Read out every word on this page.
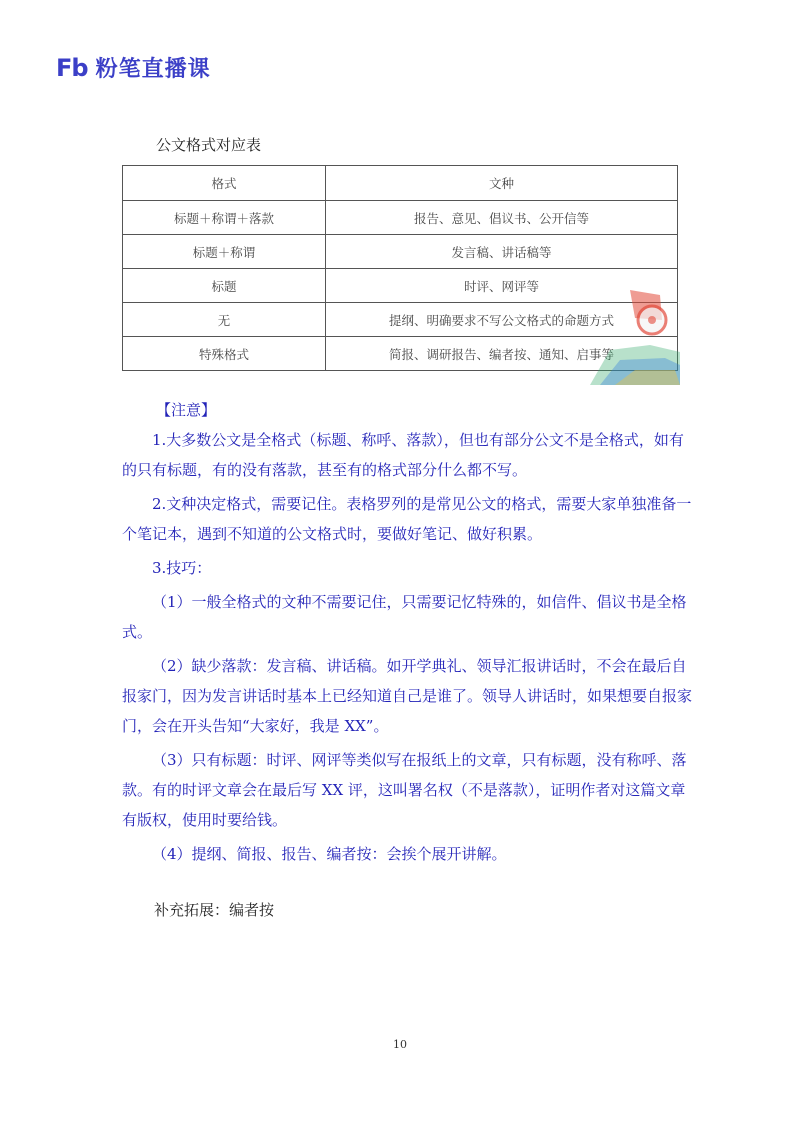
Fb 粉笔直播课
公文格式对应表
格式	文种
标题＋称谓＋落款	报告、意见、倡议书、公开信等
标题＋称谓	发言稿、讲话稿等
标题	时评、网评等
无	提纲、明确要求不写公文格式的命题方式
特殊格式	简报、调研报告、编者按、通知、启事等

【注意】

1.大多数公文是全格式（标题、称呼、落款），但也有部分公文不是全格式，如有的只有标题，有的没有落款，甚至有的格式部分什么都不写。

2.文种决定格式，需要记住。表格罗列的是常见公文的格式，需要大家单独准备一个笔记本，遇到不知道的公文格式时，要做好笔记、做好积累。

3.技巧：

（1）一般全格式的文种不需要记住，只需要记忆特殊的，如信件、倡议书是全格式。

（2）缺少落款：发言稿、讲话稿。如开学典礼、领导汇报讲话时，不会在最后自报家门，因为发言讲话时基本上已经知道自己是谁了。领导人讲话时，如果想要自报家门，会在开头告知“大家好，我是 XX”。

（3）只有标题：时评、网评等类似写在报纸上的文章，只有标题，没有称呼、落款。有的时评文章会在最后写 XX 评，这叫署名权（不是落款），证明作者对这篇文章有版权，使用时要给钱。

（4）提纲、简报、报告、编者按：会挨个展开讲解。

补充拓展：编者按
10
